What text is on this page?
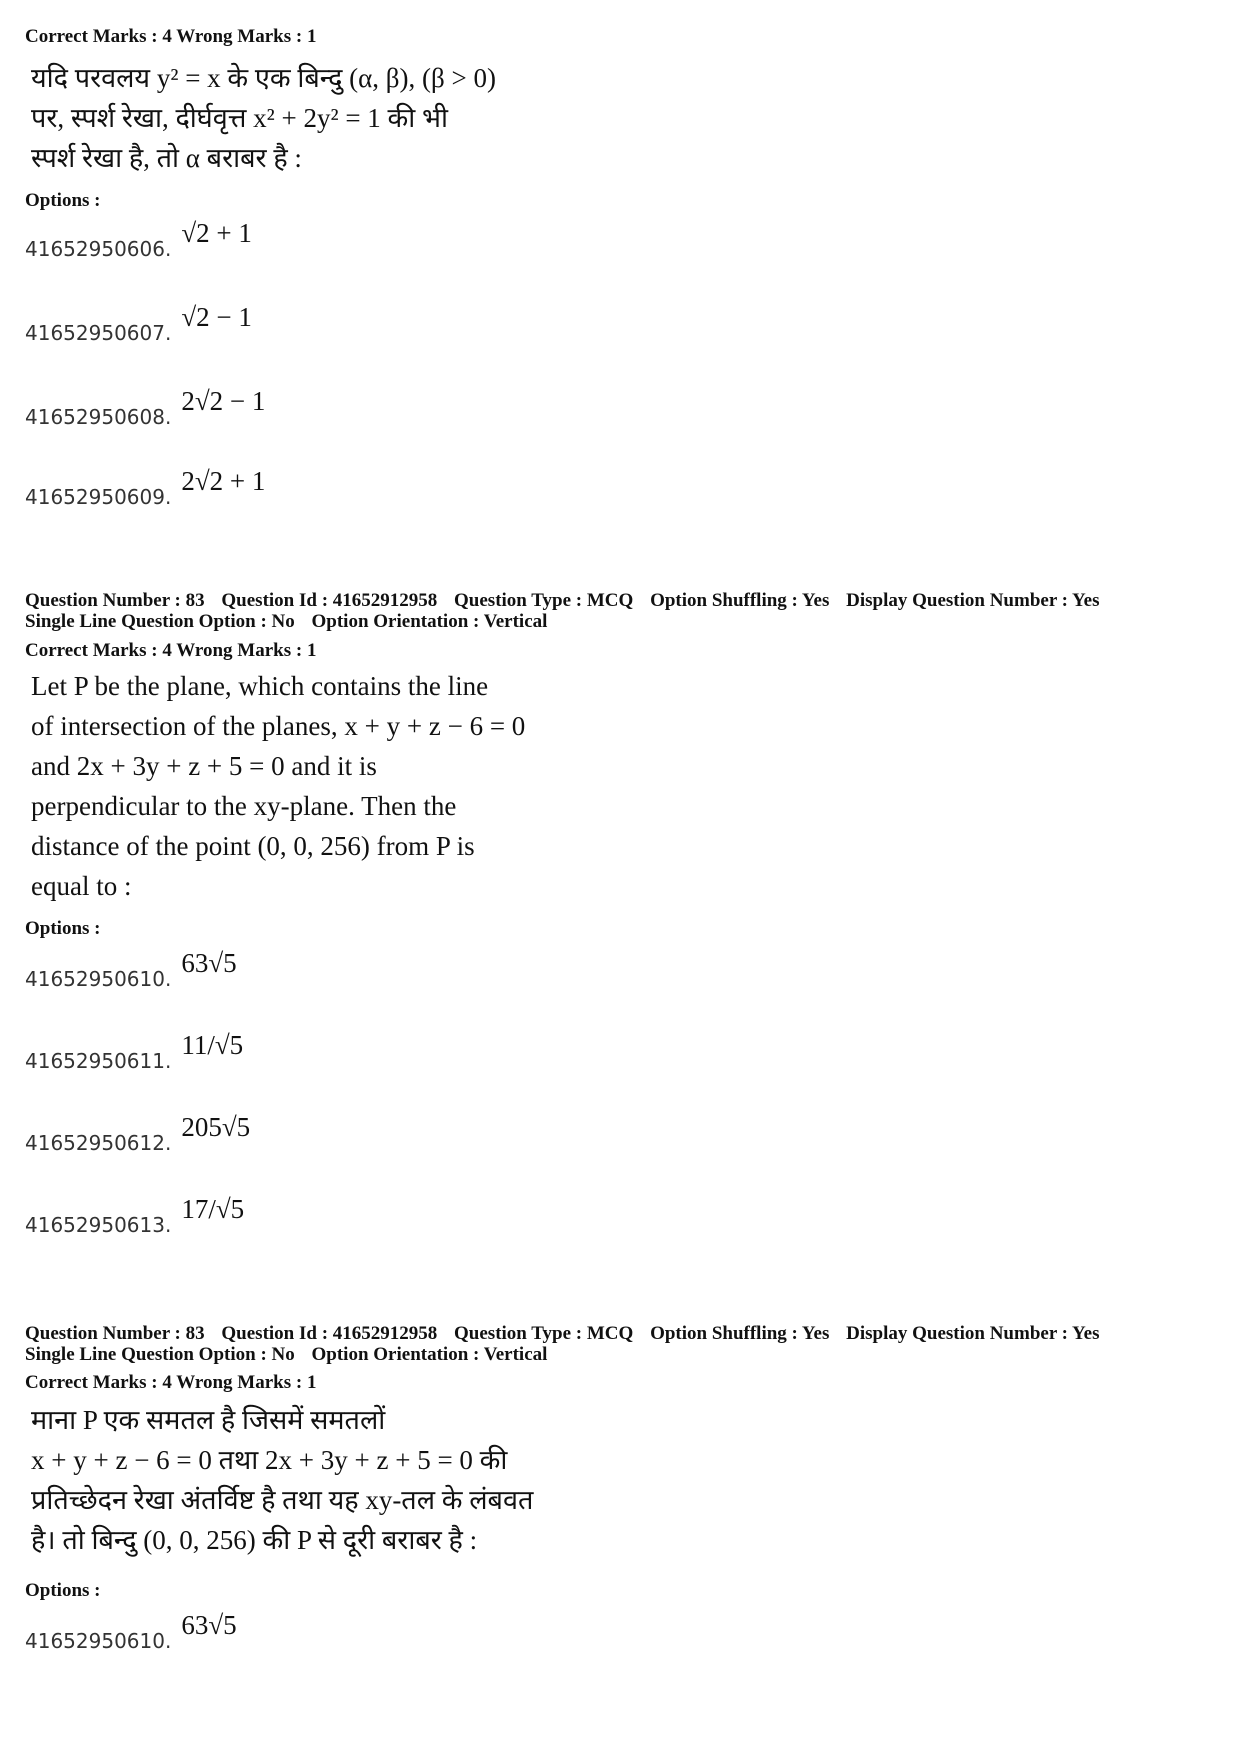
Correct Marks : 4 Wrong Marks : 1
यदि परवलय y² = x के एक बिन्दु (α, β), (β > 0)
पर, स्पर्श रेखा, दीर्घवृत्त x² + 2y² = 1 की भी
स्पर्श रेखा है, तो α बराबर है :
Options :
41652950606.√2 + 1
41652950607.√2 − 1
41652950608.2√2 − 1
41652950609.2√2 + 1
Question Number : 83 Question Id : 41652912958 Question Type : MCQ Option Shuffling : Yes Display Question Number : Yes
Single Line Question Option : No Option Orientation : Vertical
Correct Marks : 4 Wrong Marks : 1
Let P be the plane, which contains the line
of intersection of the planes, x + y + z − 6 = 0
and 2x + 3y + z + 5 = 0 and it is
perpendicular to the xy-plane. Then the
distance of the point (0, 0, 256) from P is
equal to :
Options :
41652950610.63√5
41652950611.11/√5
41652950612.205√5
41652950613.17/√5
Question Number : 83 Question Id : 41652912958 Question Type : MCQ Option Shuffling : Yes Display Question Number : Yes
Single Line Question Option : No Option Orientation : Vertical
Correct Marks : 4 Wrong Marks : 1
माना P एक समतल है जिसमें समतलों
x + y + z − 6 = 0 तथा 2x + 3y + z + 5 = 0 की
प्रतिच्छेदन रेखा अंतर्विष्ट है तथा यह xy-तल के लंबवत
है। तो बिन्दु (0, 0, 256) की P से दूरी बराबर है :
Options :
41652950610.63√5
